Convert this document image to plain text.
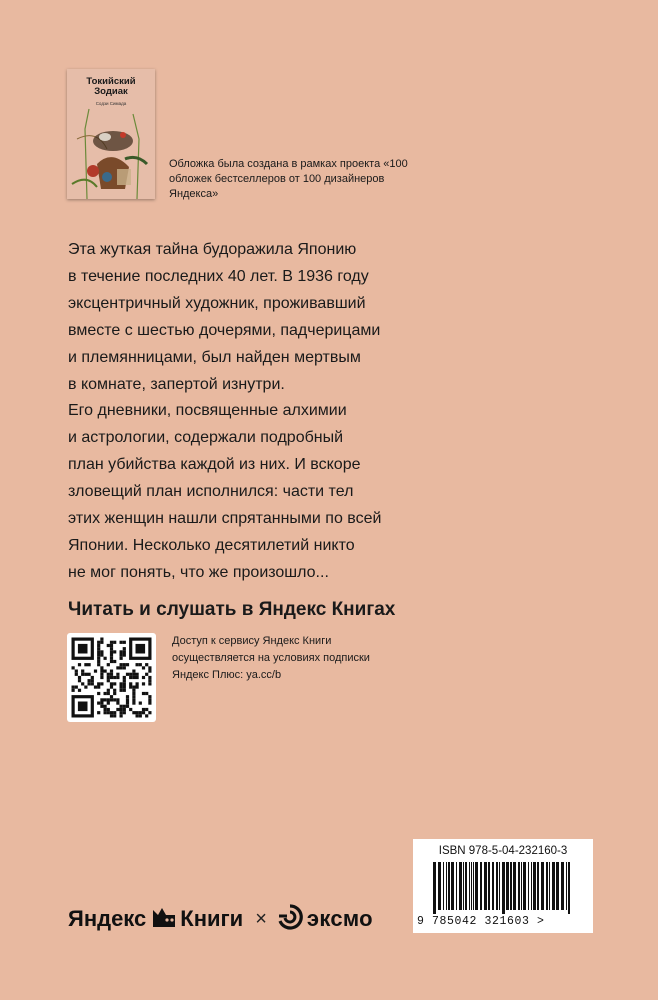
Токийский
Зодиак
Содзи Симада
Обложка была создана в рамках проекта «100 обложек бестселлеров от 100 дизайнеров Яндекса»

Эта жуткая тайна будоражила Японию
в течение последних 40 лет. В 1936 году
эксцентричный художник, проживавший
вместе с шестью дочерями, падчерицами
и племянницами, был найден мертвым
в комнате, запертой изнутри.
Его дневники, посвященные алхимии
и астрологии, содержали подробный
план убийства каждой из них. И вскоре
зловещий план исполнился: части тел
этих женщин нашли спрятанными по всей
Японии. Несколько десятилетий никто
не мог понять, что же произошло...

Читать и слушать в Яндекс Книгах
Доступ к сервису Яндекс Книги осуществляется на условиях подписки Яндекс Плюс: ya.cc/b
ISBN 978-5-04-232160-3
9 785042 321603 >
Яндекс Книги × эксмо
